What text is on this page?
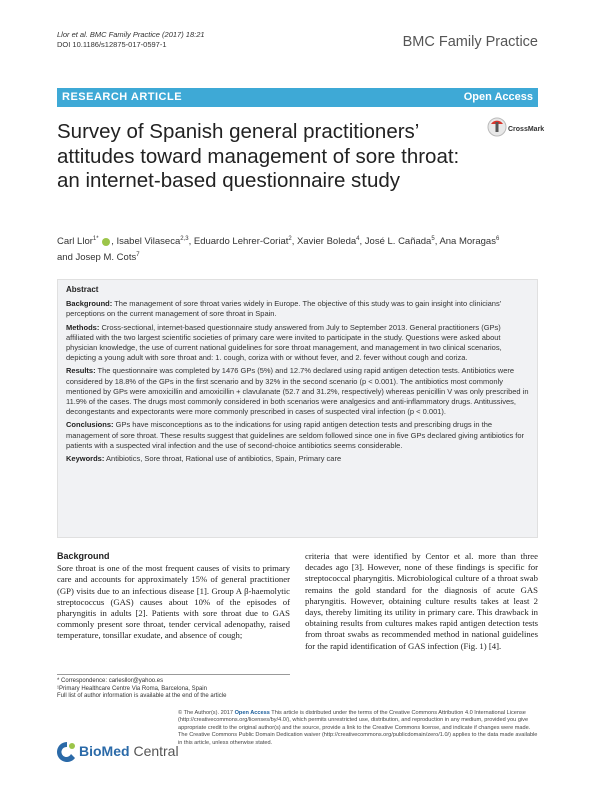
Llor et al. BMC Family Practice (2017) 18:21
DOI 10.1186/s12875-017-0597-1	BMC Family Practice
RESEARCH ARTICLE	Open Access
Survey of Spanish general practitioners’ attitudes toward management of sore throat: an internet-based questionnaire study
CrossMark
Carl Llor$^{1*}$ , Isabel Vilaseca$^{2,3}$, Eduardo Lehrer-Coriat$^2$, Xavier Boleda$^4$, José L. Cañada$^5$, Ana Moragas$^6$
and Josep M. Cots$^7$
Abstract

Background: The management of sore throat varies widely in Europe. The objective of this study was to gain insight into clinicians’ perceptions on the current management of sore throat in Spain.

Methods: Cross-sectional, internet-based questionnaire study answered from July to September 2013. General practitioners (GPs) affiliated with the two largest scientific societies of primary care were invited to participate in the study. Questions were asked about physician knowledge, the use of current national guidelines for sore throat management, and management in two clinical scenarios, depicting a young adult with sore throat and: 1. cough, coriza with or without fever, and 2. fever without cough and coriza.

Results: The questionnaire was completed by 1476 GPs (5%) and 12.7% declared using rapid antigen detection tests. Antibiotics were considered by 18.8% of the GPs in the first scenario and by 32% in the second scenario (p < 0.001). The antibiotics most commonly mentioned by GPs were amoxicillin and amoxicillin + clavulanate (52.7 and 31.2%, respectively) whereas penicillin V was only prescribed in 11.9% of the cases. The drugs most commonly considered in both scenarios were analgesics and anti-inflammatory drugs. Antitussives, decongestants and expectorants were more commonly prescribed in cases of suspected viral infection (p < 0.001).

Conclusions: GPs have misconceptions as to the indications for using rapid antigen detection tests and prescribing drugs in the management of sore throat. These results suggest that guidelines are seldom followed since one in five GPs declared giving antibiotics for patients with a suspected viral infection and the use of second-choice antibiotics seems considerable.

Keywords: Antibiotics, Sore throat, Rational use of antibiotics, Spain, Primary care

Background

Sore throat is one of the most frequent causes of visits to primary care and accounts for approximately 15% of general practitioner (GP) visits due to an infectious disease [1]. Group A β-haemolytic streptococcus (GAS) causes about 10% of the episodes of pharyngitis in adults [2]. Patients with sore throat due to GAS commonly present sore throat, tender cervical adenopathy, raised temperature, tonsillar exudate, and absence of cough;

criteria that were identified by Centor et al. more than three decades ago [3]. However, none of these findings is specific for streptococcal pharyngitis. Microbiological culture of a throat swab remains the gold standard for the diagnosis of acute GAS pharyngitis. However, obtaining culture results takes at least 2 days, thereby limiting its utility in primary care. This drawback in obtaining results from cultures makes rapid antigen detection tests from throat swabs as recommended method in national guidelines for the rapid identification of GAS infection (Fig. 1) [4].

* Correspondence: carlesllor@yahoo.es
¹Primary Healthcare Centre Via Roma, Barcelona, Spain
Full list of author information is available at the end of the article
BioMed Central
© The Author(s). 2017 Open Access This article is distributed under the terms of the Creative Commons Attribution 4.0 International License (http://creativecommons.org/licenses/by/4.0/), which permits unrestricted use, distribution, and reproduction in any medium, provided you give appropriate credit to the original author(s) and the source, provide a link to the Creative Commons license, and indicate if changes were made. The Creative Commons Public Domain Dedication waiver (http://creativecommons.org/publicdomain/zero/1.0/) applies to the data made available in this article, unless otherwise stated.
